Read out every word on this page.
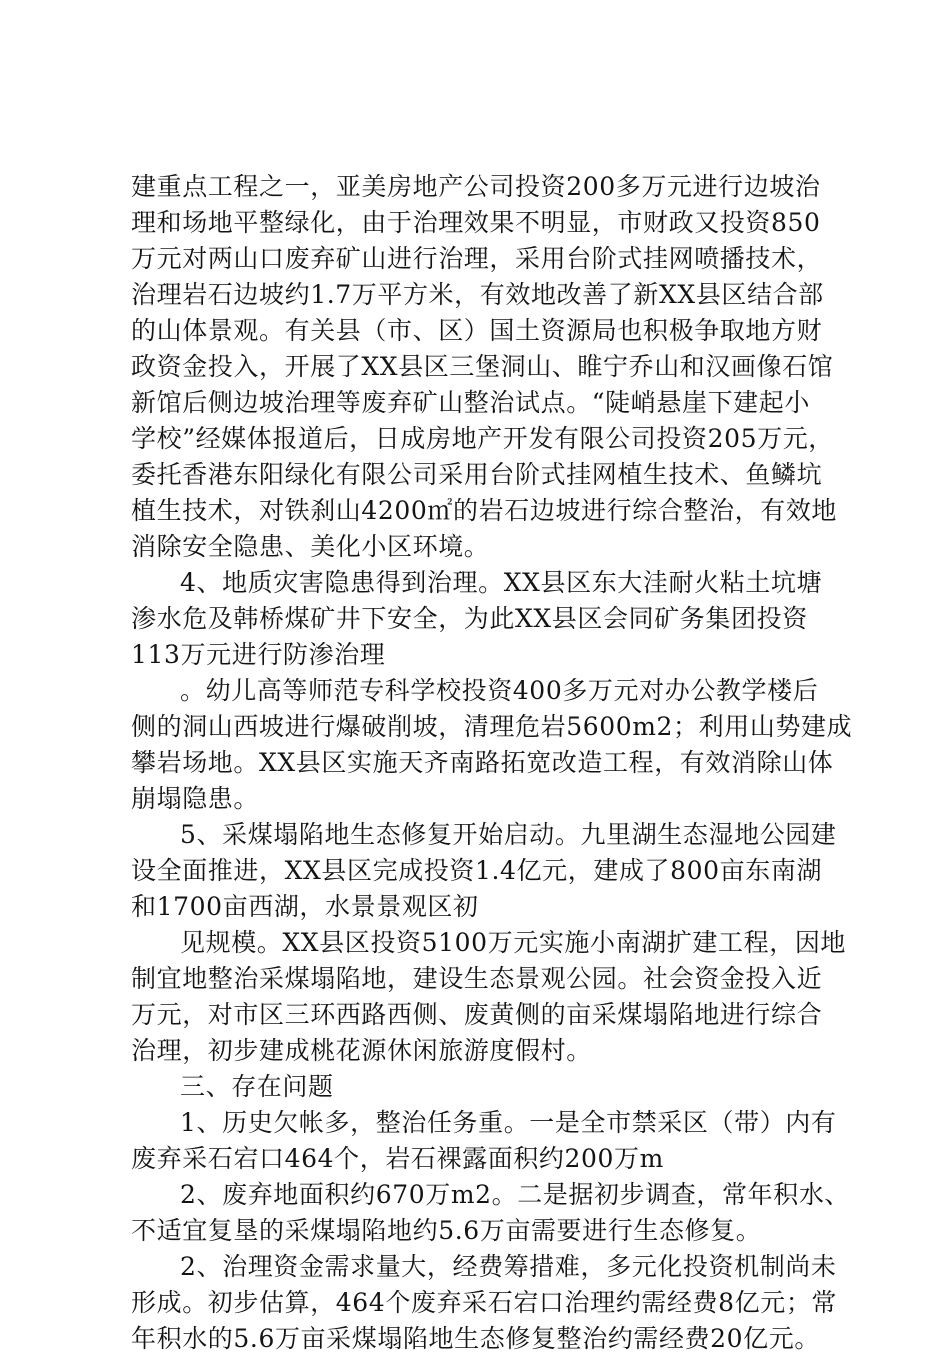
建重点工程之一，亚美房地产公司投资200多万元进行边坡治
理和场地平整绿化，由于治理效果不明显，市财政又投资850
万元对两山口废弃矿山进行治理，采用台阶式挂网喷播技术，
治理岩石边坡约1.7万平方米，有效地改善了新XX县区结合部
的山体景观。有关县（市、区）国土资源局也积极争取地方财
政资金投入，开展了XX县区三堡洞山、睢宁乔山和汉画像石馆
新馆后侧边坡治理等废弃矿山整治试点。“陡峭悬崖下建起小
学校”经媒体报道后，日成房地产开发有限公司投资205万元，
委托香港东阳绿化有限公司采用台阶式挂网植生技术、鱼鳞坑
植生技术，对铁刹山4200㎡的岩石边坡进行综合整治，有效地
消除安全隐患、美化小区环境。
4、地质灾害隐患得到治理。XX县区东大洼耐火粘土坑塘
渗水危及韩桥煤矿井下安全，为此XX县区会同矿务集团投资
113万元进行防渗治理
。幼儿高等师范专科学校投资400多万元对办公教学楼后
侧的洞山西坡进行爆破削坡，清理危岩5600m2；利用山势建成
攀岩场地。XX县区实施天齐南路拓宽改造工程，有效消除山体
崩塌隐患。
5、采煤塌陷地生态修复开始启动。九里湖生态湿地公园建
设全面推进，XX县区完成投资1.4亿元，建成了800亩东南湖
和1700亩西湖，水景景观区初
见规模。XX县区投资5100万元实施小南湖扩建工程，因地
制宜地整治采煤塌陷地，建设生态景观公园。社会资金投入近
万元，对市区三环西路西侧、废黄侧的亩采煤塌陷地进行综合
治理，初步建成桃花源休闲旅游度假村。
三、存在问题
1、历史欠帐多，整治任务重。一是全市禁采区（带）内有
废弃采石宕口464个，岩石裸露面积约200万m
2、废弃地面积约670万m2。二是据初步调查，常年积水、
不适宜复垦的采煤塌陷地约5.6万亩需要进行生态修复。
2、治理资金需求量大，经费筹措难，多元化投资机制尚未
形成。初步估算，464个废弃采石宕口治理约需经费8亿元；常
年积水的5.6万亩采煤塌陷地生态修复整治约需经费20亿元。
